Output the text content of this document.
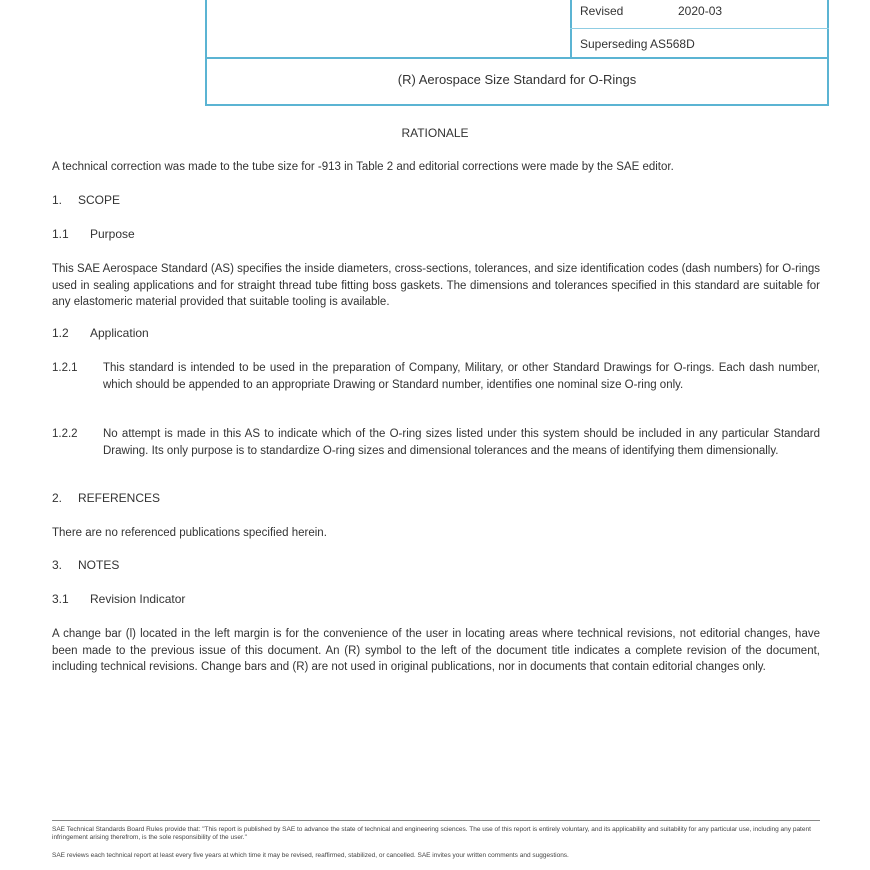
Revised	2020-03
Superseding AS568D
(R) Aerospace Size Standard for O-Rings
RATIONALE
A technical correction was made to the tube size for -913 in Table 2 and editorial corrections were made by the SAE editor.
1. SCOPE
1.1 Purpose
This SAE Aerospace Standard (AS) specifies the inside diameters, cross-sections, tolerances, and size identification codes (dash numbers) for O-rings used in sealing applications and for straight thread tube fitting boss gaskets. The dimensions and tolerances specified in this standard are suitable for any elastomeric material provided that suitable tooling is available.
1.2 Application
1.2.1 This standard is intended to be used in the preparation of Company, Military, or other Standard Drawings for O-rings. Each dash number, which should be appended to an appropriate Drawing or Standard number, identifies one nominal size O-ring only.
1.2.2 No attempt is made in this AS to indicate which of the O-ring sizes listed under this system should be included in any particular Standard Drawing. Its only purpose is to standardize O-ring sizes and dimensional tolerances and the means of identifying them dimensionally.
2. REFERENCES
There are no referenced publications specified herein.
3. NOTES
3.1 Revision Indicator
A change bar (l) located in the left margin is for the convenience of the user in locating areas where technical revisions, not editorial changes, have been made to the previous issue of this document. An (R) symbol to the left of the document title indicates a complete revision of the document, including technical revisions. Change bars and (R) are not used in original publications, nor in documents that contain editorial changes only.
SAE Technical Standards Board Rules provide that: "This report is published by SAE to advance the state of technical and engineering sciences. The use of this report is entirely voluntary, and its applicability and suitability for any particular use, including any patent infringement arising therefrom, is the sole responsibility of the user."
SAE reviews each technical report at least every five years at which time it may be revised, reaffirmed, stabilized, or cancelled. SAE invites your written comments and suggestions.
